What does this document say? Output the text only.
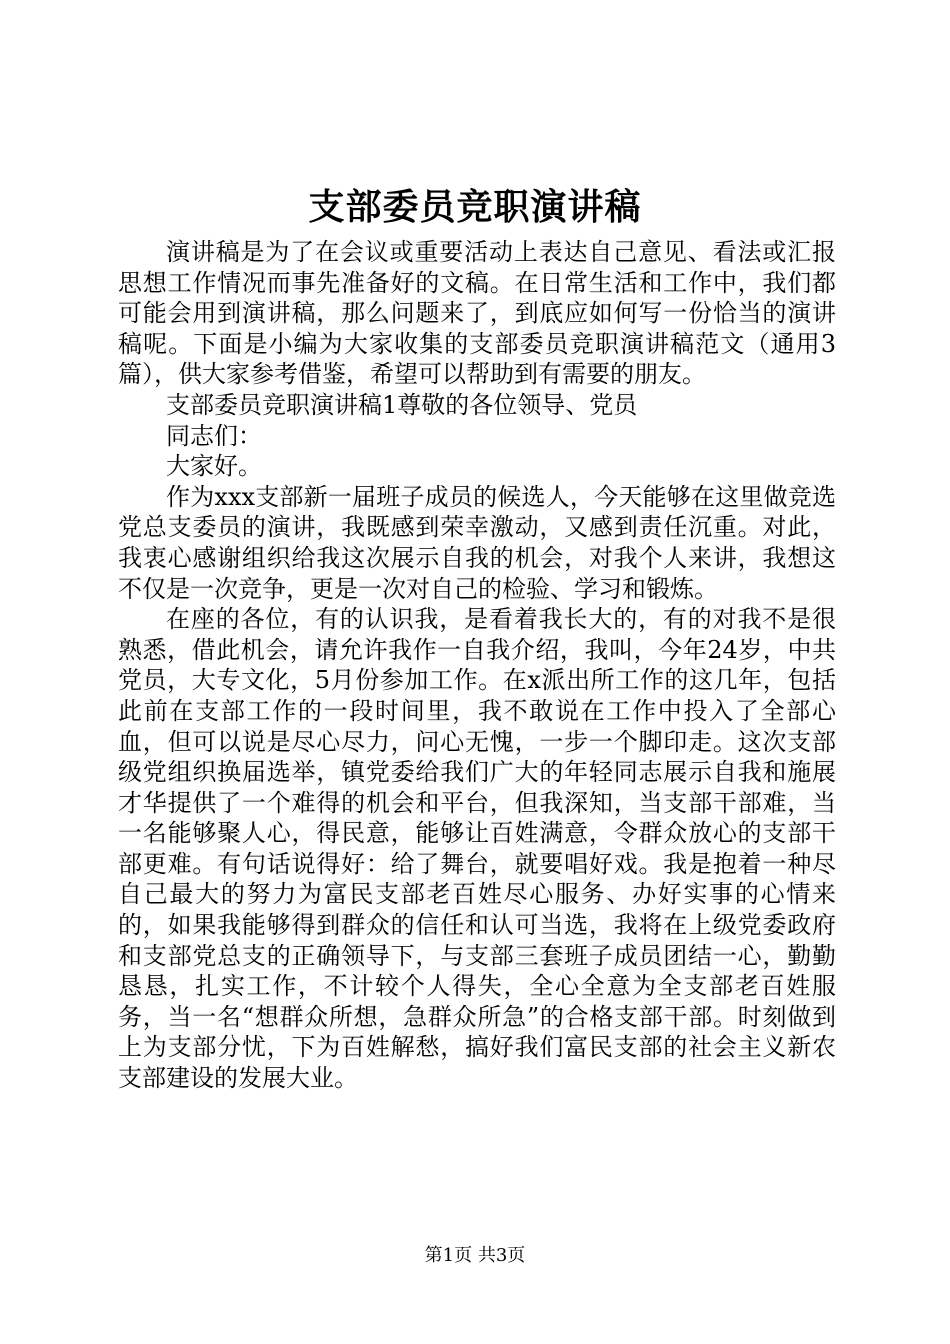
支部委员竞职演讲稿

演讲稿是为了在会议或重要活动上表达自己意见、看法或汇报思想工作情况而事先准备好的文稿。在日常生活和工作中，我们都可能会用到演讲稿，那么问题来了，到底应如何写一份恰当的演讲稿呢。下面是小编为大家收集的支部委员竞职演讲稿范文（通用3篇），供大家参考借鉴，希望可以帮助到有需要的朋友。

支部委员竞职演讲稿1尊敬的各位领导、党员

同志们：

大家好。

作为xxx支部新一届班子成员的候选人，今天能够在这里做竞选党总支委员的演讲，我既感到荣幸激动，又感到责任沉重。对此，我衷心感谢组织给我这次展示自我的机会，对我个人来讲，我想这不仅是一次竞争，更是一次对自己的检验、学习和锻炼。

在座的各位，有的认识我，是看着我长大的，有的对我不是很熟悉，借此机会，请允许我作一自我介绍，我叫，今年24岁，中共党员，大专文化，5月份参加工作。在x派出所工作的这几年，包括此前在支部工作的一段时间里，我不敢说在工作中投入了全部心血，但可以说是尽心尽力，问心无愧，一步一个脚印走。这次支部级党组织换届选举，镇党委给我们广大的年轻同志展示自我和施展才华提供了一个难得的机会和平台，但我深知，当支部干部难，当一名能够聚人心，得民意，能够让百姓满意，令群众放心的支部干部更难。有句话说得好：给了舞台，就要唱好戏。我是抱着一种尽自己最大的努力为富民支部老百姓尽心服务、办好实事的心情来的，如果我能够得到群众的信任和认可当选，我将在上级党委政府和支部党总支的正确领导下，与支部三套班子成员团结一心，勤勤恳恳，扎实工作，不计较个人得失，全心全意为全支部老百姓服务，当一名“想群众所想，急群众所急”的合格支部干部。时刻做到上为支部分忧，下为百姓解愁，搞好我们富民支部的社会主义新农支部建设的发展大业。

第1页 共3页
